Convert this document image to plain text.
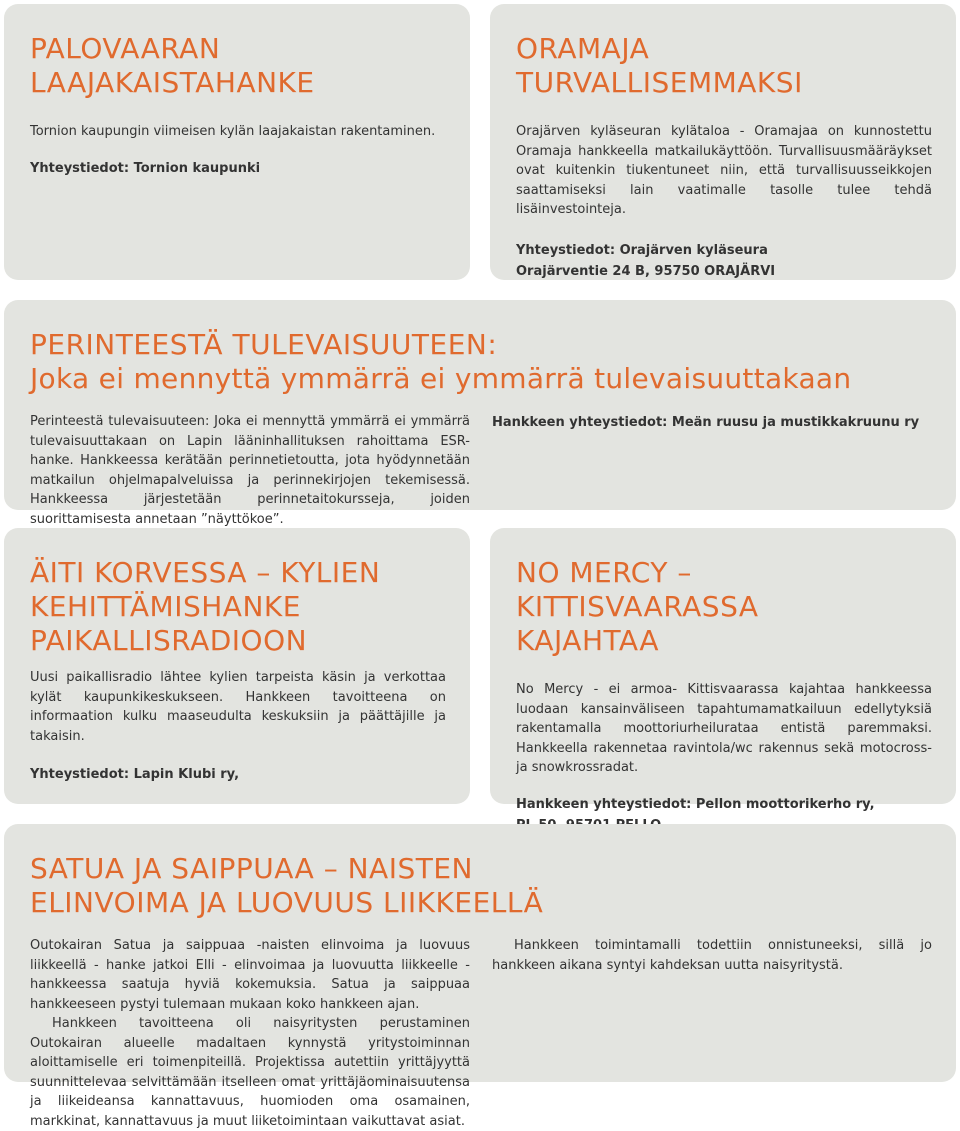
PALOVAARAN
LAAJAKAISTAHANKE

Tornion kaupungin viimeisen kylän laajakaistan rakentaminen.

Yhteystiedot: Tornion kaupunki

ORAMAJA
TURVALLISEMMAKSI

Orajärven kyläseuran kylätaloa - Oramajaa on kunnostettu Oramaja hankkeella matkailukäyttöön. Turvallisuusmääräykset ovat kuitenkin tiukentuneet niin, että turvallisuusseikkojen saattamiseksi lain vaatimalle tasolle tulee tehdä lisäinvestointeja.

Yhteystiedot: Orajärven kyläseura
Orajärventie 24 B, 95750 ORAJÄRVI

PERINTEESTÄ TULEVAISUUTEEN:
Joka ei mennyttä ymmärrä ei ymmärrä tulevaisuuttakaan

Perinteestä tulevaisuuteen: Joka ei mennyttä ymmärrä ei ymmärrä tulevaisuuttakaan on Lapin lääninhallituksen rahoittama ESR-hanke. Hankkeessa kerätään perinnetietoutta, jota hyödynnetään matkailun ohjelmapalveluissa ja perinnekirjojen tekemisessä. Hankkeessa järjestetään perinnetaitokursseja, joiden suorittamisesta annetaan ”näyttökoe”.

Hankkeen yhteystiedot: Meän ruusu ja mustikkakruunu ry

ÄITI KORVESSA – KYLIEN
KEHITTÄMISHANKE
PAIKALLISRADIOON

Uusi paikallisradio lähtee kylien tarpeista käsin ja verkottaa kylät kaupunkikeskukseen. Hankkeen tavoitteena on informaation kulku maaseudulta keskuksiin ja päättäjille ja takaisin.

Yhteystiedot: Lapin Klubi ry,

NO MERCY – KITTISVAARASSA
KAJAHTAA

No Mercy - ei armoa- Kittisvaarassa kajahtaa hankkeessa luodaan kansainväliseen tapahtumamatkailuun edellytyksiä rakentamalla moottoriurheilurataa entistä paremmaksi. Hankkeella rakennetaa ravintola/wc rakennus sekä motocross- ja snowkrossradat.

Hankkeen yhteystiedot: Pellon moottorikerho ry,

SATUA JA SAIPPUAA – NAISTEN
ELINVOIMA JA LUOVUUS LIIKKEELLÄ

Outokairan Satua ja saippuaa -naisten elinvoima ja luovuus liikkeellä - hanke jatkoi Elli - elinvoimaa ja luovuutta liikkeelle -hankkeessa saatuja hyviä kokemuksia. Satua ja saippuaa hankkeeseen pystyi tulemaan mukaan koko hankkeen ajan.

Hankkeen tavoitteena oli naisyritysten perustaminen Outokairan alueelle madaltaen kynnystä yritystoiminnan aloittamiselle eri toimenpiteillä. Projektissa autettiin yrittäjyyttä suunnittelevaa selvittämään itselleen omat yrittäjäominaisuutensa ja liikeideansa kannattavuus, huomioden oma osamainen, markkinat, kannattavuus ja muut liiketoimintaan vaikuttavat asiat.

Hankkeen toimintamalli todettiin onnistuneeksi, sillä jo hankkeen aikana syntyi kahdeksan uutta naisyritystä.
